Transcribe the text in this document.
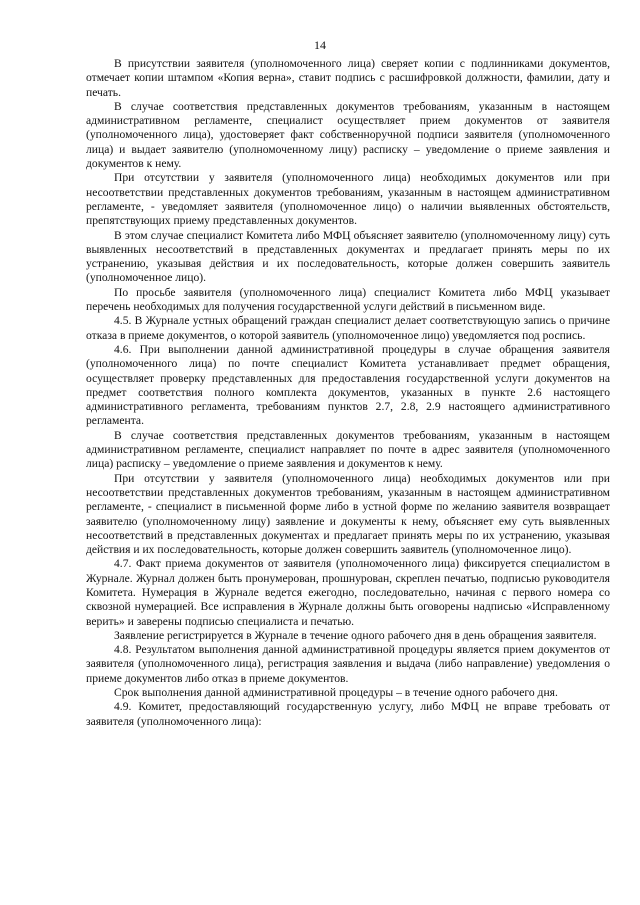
14

В присутствии заявителя (уполномоченного лица) сверяет копии с подлинниками документов, отмечает копии штампом «Копия верна», ставит подпись с расшифровкой должности, фамилии, дату и печать.

В случае соответствия представленных документов требованиям, указанным в настоящем административном регламенте, специалист осуществляет прием документов от заявителя (уполномоченного лица), удостоверяет факт собственноручной подписи заявителя (уполномоченного лица) и выдает заявителю (уполномоченному лицу) расписку – уведомление о приеме заявления и документов к нему.

При отсутствии у заявителя (уполномоченного лица) необходимых документов или при несоответствии представленных документов требованиям, указанным в настоящем административном регламенте, - уведомляет заявителя (уполномоченное лицо) о наличии выявленных обстоятельств, препятствующих приему представленных документов.

В этом случае специалист Комитета либо МФЦ объясняет заявителю (уполномоченному лицу) суть выявленных несоответствий в представленных документах и предлагает принять меры по их устранению, указывая действия и их последовательность, которые должен совершить заявитель (уполномоченное лицо).

По просьбе заявителя (уполномоченного лица) специалист Комитета либо МФЦ указывает перечень необходимых для получения государственной услуги действий в письменном виде.

4.5. В Журнале устных обращений граждан специалист делает соответствующую запись о причине отказа в приеме документов, о которой заявитель (уполномоченное лицо) уведомляется под роспись.

4.6. При выполнении данной административной процедуры в случае обращения заявителя (уполномоченного лица) по почте специалист Комитета устанавливает предмет обращения, осуществляет проверку представленных для предоставления государственной услуги документов на предмет соответствия полного комплекта документов, указанных в пункте 2.6 настоящего административного регламента, требованиям пунктов 2.7, 2.8, 2.9 настоящего административного регламента.

В случае соответствия представленных документов требованиям, указанным в настоящем административном регламенте, специалист направляет по почте в адрес заявителя (уполномоченного лица) расписку – уведомление о приеме заявления и документов к нему.

При отсутствии у заявителя (уполномоченного лица) необходимых документов или при несоответствии представленных документов требованиям, указанным в настоящем административном регламенте, - специалист в письменной форме либо в устной форме по желанию заявителя возвращает заявителю (уполномоченному лицу) заявление и документы к нему, объясняет ему суть выявленных несоответствий в представленных документах и предлагает принять меры по их устранению, указывая действия и их последовательность, которые должен совершить заявитель (уполномоченное лицо).

4.7. Факт приема документов от заявителя (уполномоченного лица) фиксируется специалистом в Журнале. Журнал должен быть пронумерован, прошнурован, скреплен печатью, подписью руководителя Комитета. Нумерация в Журнале ведется ежегодно, последовательно, начиная с первого номера со сквозной нумерацией. Все исправления в Журнале должны быть оговорены надписью «Исправленному верить» и заверены подписью специалиста и печатью.

Заявление регистрируется в Журнале в течение одного рабочего дня в день обращения заявителя.

4.8. Результатом выполнения данной административной процедуры является прием документов от заявителя (уполномоченного лица), регистрация заявления и выдача (либо направление) уведомления о приеме документов либо отказ в приеме документов.

Срок выполнения данной административной процедуры – в течение одного рабочего дня.

4.9. Комитет, предоставляющий государственную услугу, либо МФЦ не вправе требовать от заявителя (уполномоченного лица):
